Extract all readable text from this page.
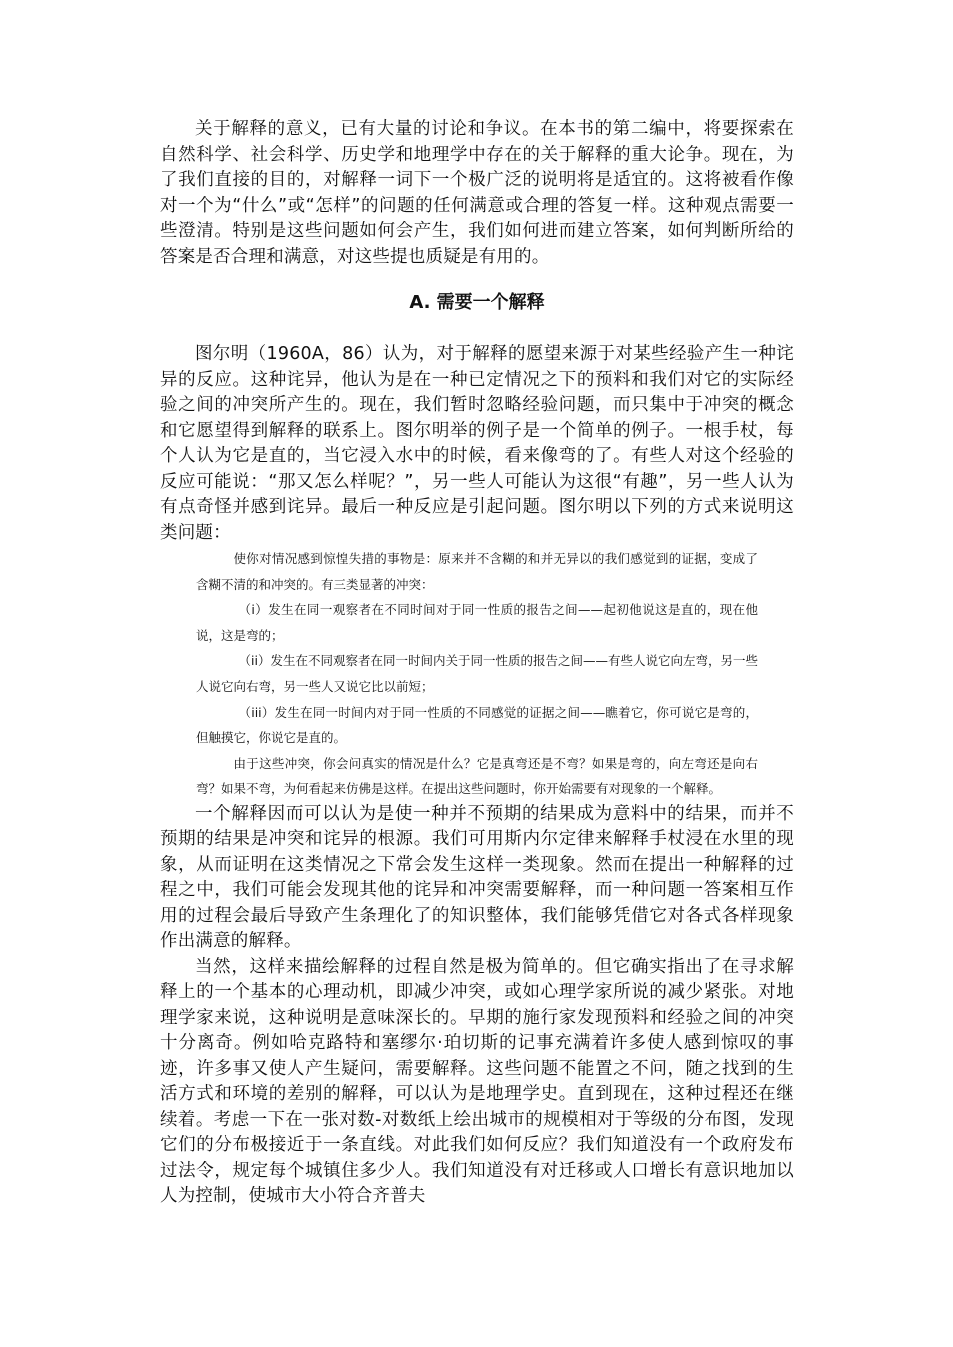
关于解释的意义，已有大量的讨论和争议。在本书的第二编中，将要探索在自然科学、社会科学、历史学和地理学中存在的关于解释的重大论争。现在，为了我们直接的目的，对解释一词下一个极广泛的说明将是适宜的。这将被看作像对一个为“什么”或“怎样”的问题的任何满意或合理的答复一样。这种观点需要一些澄清。特别是这些问题如何会产生，我们如何进而建立答案，如何判断所给的答案是否合理和满意，对这些提也质疑是有用的。

A. 需要一个解释

图尔明（1960A，86）认为，对于解释的愿望来源于对某些经验产生一种诧异的反应。这种诧异，他认为是在一种已定情况之下的预料和我们对它的实际经验之间的冲突所产生的。现在，我们暂时忽略经验问题，而只集中于冲突的概念和它愿望得到解释的联系上。图尔明举的例子是一个简单的例子。一根手杖，每个人认为它是直的，当它浸入水中的时候，看来像弯的了。有些人对这个经验的反应可能说：“那又怎么样呢？”，另一些人可能认为这很“有趣”，另一些人认为有点奇怪并感到诧异。最后一种反应是引起问题。图尔明以下列的方式来说明这类问题：

使你对情况感到惊惶失措的事物是：原来并不含糊的和并无异以的我们感觉到的证据，变成了含糊不清的和冲突的。有三类显著的冲突：

（i）发生在同一观察者在不同时间对于同一性质的报告之间——起初他说这是直的，现在他说，这是弯的；

（ii）发生在不同观察者在同一时间内关于同一性质的报告之间——有些人说它向左弯，另一些人说它向右弯，另一些人又说它比以前短；

（iii）发生在同一时间内对于同一性质的不同感觉的证据之间——瞧着它，你可说它是弯的，但触摸它，你说它是直的。

由于这些冲突，你会问真实的情况是什么？它是真弯还是不弯？如果是弯的，向左弯还是向右弯？如果不弯，为何看起来仿佛是这样。在提出这些问题时，你开始需要有对现象的一个解释。

一个解释因而可以认为是使一种并不预期的结果成为意料中的结果，而并不预期的结果是冲突和诧异的根源。我们可用斯内尔定律来解释手杖浸在水里的现象，从而证明在这类情况之下常会发生这样一类现象。然而在提出一种解释的过程之中，我们可能会发现其他的诧异和冲突需要解释，而一种问题一答案相互作用的过程会最后导致产生条理化了的知识整体，我们能够凭借它对各式各样现象作出满意的解释。

当然，这样来描绘解释的过程自然是极为简单的。但它确实指出了在寻求解释上的一个基本的心理动机，即减少冲突，或如心理学家所说的减少紧张。对地理学家来说，这种说明是意味深长的。早期的施行家发现预料和经验之间的冲突十分离奇。例如哈克路特和塞缪尔·珀切斯的记事充满着许多使人感到惊叹的事迹，许多事又使人产生疑问，需要解释。这些问题不能置之不问，随之找到的生活方式和环境的差别的解释，可以认为是地理学史。直到现在，这种过程还在继续着。考虑一下在一张对数-对数纸上绘出城市的规模相对于等级的分布图，发现它们的分布极接近于一条直线。对此我们如何反应？我们知道没有一个政府发布过法令，规定每个城镇住多少人。我们知道没有对迁移或人口增长有意识地加以人为控制，使城市大小符合齐普夫
